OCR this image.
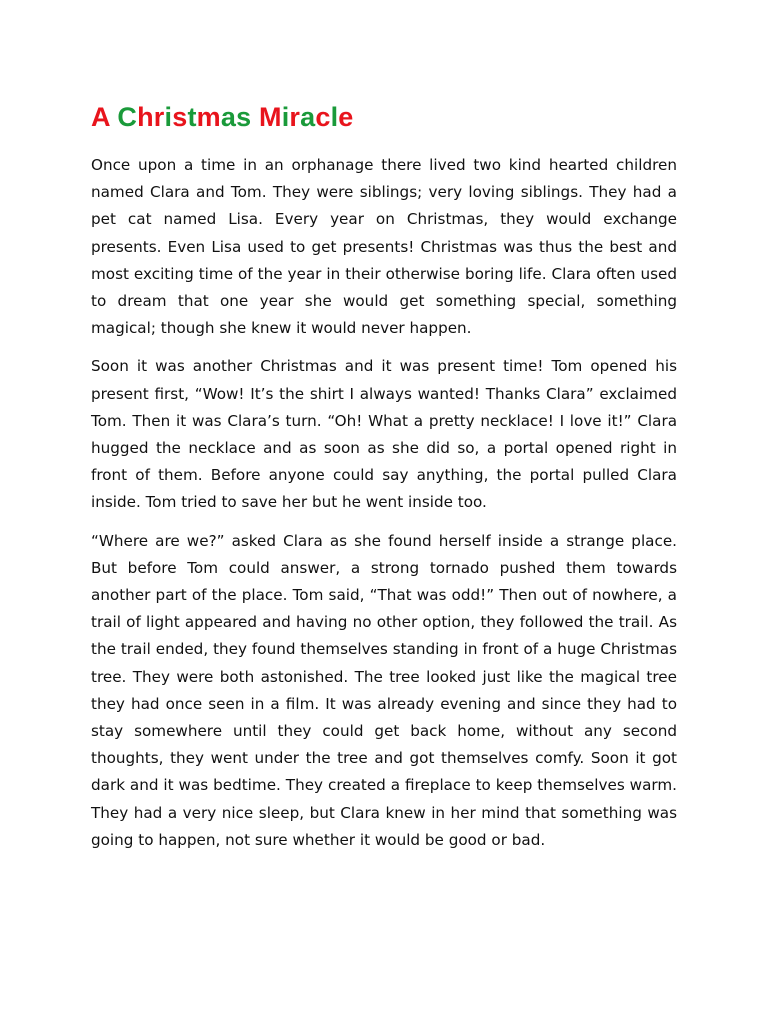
A Christmas Miracle

Once upon a time in an orphanage there lived two kind hearted children named Clara and Tom. They were siblings; very loving siblings. They had a pet cat named Lisa. Every year on Christmas, they would exchange presents. Even Lisa used to get presents! Christmas was thus the best and most exciting time of the year in their otherwise boring life. Clara often used to dream that one year she would get something special, something magical; though she knew it would never happen.

Soon it was another Christmas and it was present time! Tom opened his present first, “Wow! It’s the shirt I always wanted! Thanks Clara” exclaimed Tom. Then it was Clara’s turn. “Oh! What a pretty necklace! I love it!” Clara hugged the necklace and as soon as she did so, a portal opened right in front of them. Before anyone could say anything, the portal pulled Clara inside. Tom tried to save her but he went inside too.

“Where are we?” asked Clara as she found herself inside a strange place. But before Tom could answer, a strong tornado pushed them towards another part of the place. Tom said, “That was odd!” Then out of nowhere, a trail of light appeared and having no other option, they followed the trail. As the trail ended, they found themselves standing in front of a huge Christmas tree. They were both astonished. The tree looked just like the magical tree they had once seen in a film. It was already evening and since they had to stay somewhere until they could get back home, without any second thoughts, they went under the tree and got themselves comfy. Soon it got dark and it was bedtime. They created a fireplace to keep themselves warm. They had a very nice sleep, but Clara knew in her mind that something was going to happen, not sure whether it would be good or bad.
